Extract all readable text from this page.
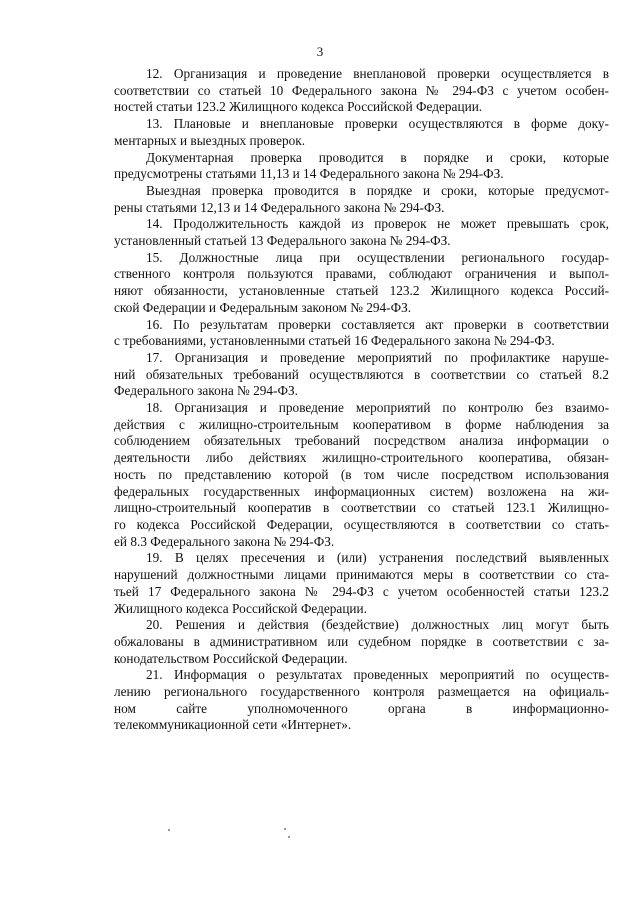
3

12. Организация и проведение внеплановой проверки осуществляется в
соответствии со статьей 10 Федерального закона № 294-ФЗ с учетом особен-
ностей статьи 123.2 Жилищного кодекса Российской Федерации.

13. Плановые и внеплановые проверки осуществляются в форме доку-
ментарных и выездных проверок.

Документарная проверка проводится в порядке и сроки, которые
предусмотрены статьями 11,13 и 14 Федерального закона № 294-ФЗ.

Выездная проверка проводится в порядке и сроки, которые предусмот-
рены статьями 12,13 и 14 Федерального закона № 294-ФЗ.

14. Продолжительность каждой из проверок не может превышать срок,
установленный статьей 13 Федерального закона № 294-ФЗ.

15. Должностные лица при осуществлении регионального государ-
ственного контроля пользуются правами, соблюдают ограничения и выпол-
няют обязанности, установленные статьей 123.2 Жилищного кодекса Россий-
ской Федерации и Федеральным законом № 294-ФЗ.

16. По результатам проверки составляется акт проверки в соответствии
с требованиями, установленными статьей 16 Федерального закона № 294-ФЗ.

17. Организация и проведение мероприятий по профилактике наруше-
ний обязательных требований осуществляются в соответствии со статьей 8.2
Федерального закона № 294-ФЗ.

18. Организация и проведение мероприятий по контролю без взаимо-
действия с жилищно-строительным кооперативом в форме наблюдения за
соблюдением обязательных требований посредством анализа информации о
деятельности либо действиях жилищно-строительного кооператива, обязан-
ность по представлению которой (в том числе посредством использования
федеральных государственных информационных систем) возложена на жи-
лищно-строительный кооператив в соответствии со статьей 123.1 Жилищно-
го кодекса Российской Федерации, осуществляются в соответствии со стать-
ей 8.3 Федерального закона № 294-ФЗ.

19. В целях пресечения и (или) устранения последствий выявленных
нарушений должностными лицами принимаются меры в соответствии со ста-
тьей 17 Федерального закона № 294-ФЗ с учетом особенностей статьи 123.2
Жилищного кодекса Российской Федерации.

20. Решения и действия (бездействие) должностных лиц могут быть
обжалованы в административном или судебном порядке в соответствии с за-
конодательством Российской Федерации.

21. Информация о результатах проведенных мероприятий по осуществ-
лению регионального государственного контроля размещается на официаль-
ном сайте уполномоченного органа в информационно-
телекоммуникационной сети «Интернет».
